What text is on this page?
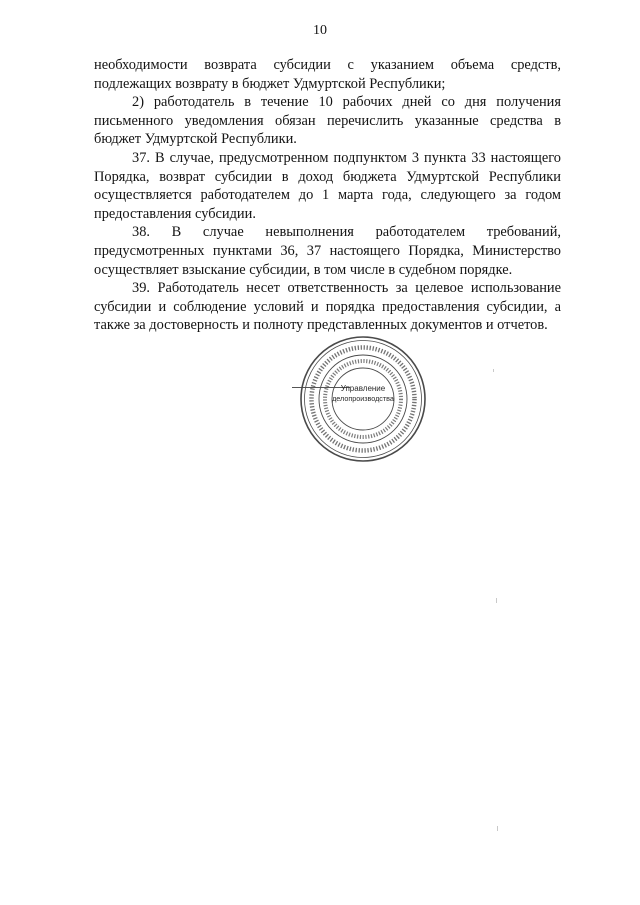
10

необходимости возврата субсидии с указанием объема средств, подлежащих возврату в бюджет Удмуртской Республики;

2) работодатель в течение 10 рабочих дней со дня получения письменного уведомления обязан перечислить указанные средства в бюджет Удмуртской Республики.

37. В случае, предусмотренном подпунктом 3 пункта 33 настоящего Порядка, возврат субсидии в доход бюджета Удмуртской Республики осуществляется работодателем до 1 марта года, следующего за годом предоставления субсидии.

38. В случае невыполнения работодателем требований, предусмотренных пунктами 36, 37 настоящего Порядка, Министерство осуществляет взыскание субсидии, в том числе в судебном порядке.

39. Работодатель несет ответственность за целевое использование субсидии и соблюдение условий и порядка предоставления субсидии, а также за достоверность и полноту представленных документов и отчетов.

Управление
делопроизводства
